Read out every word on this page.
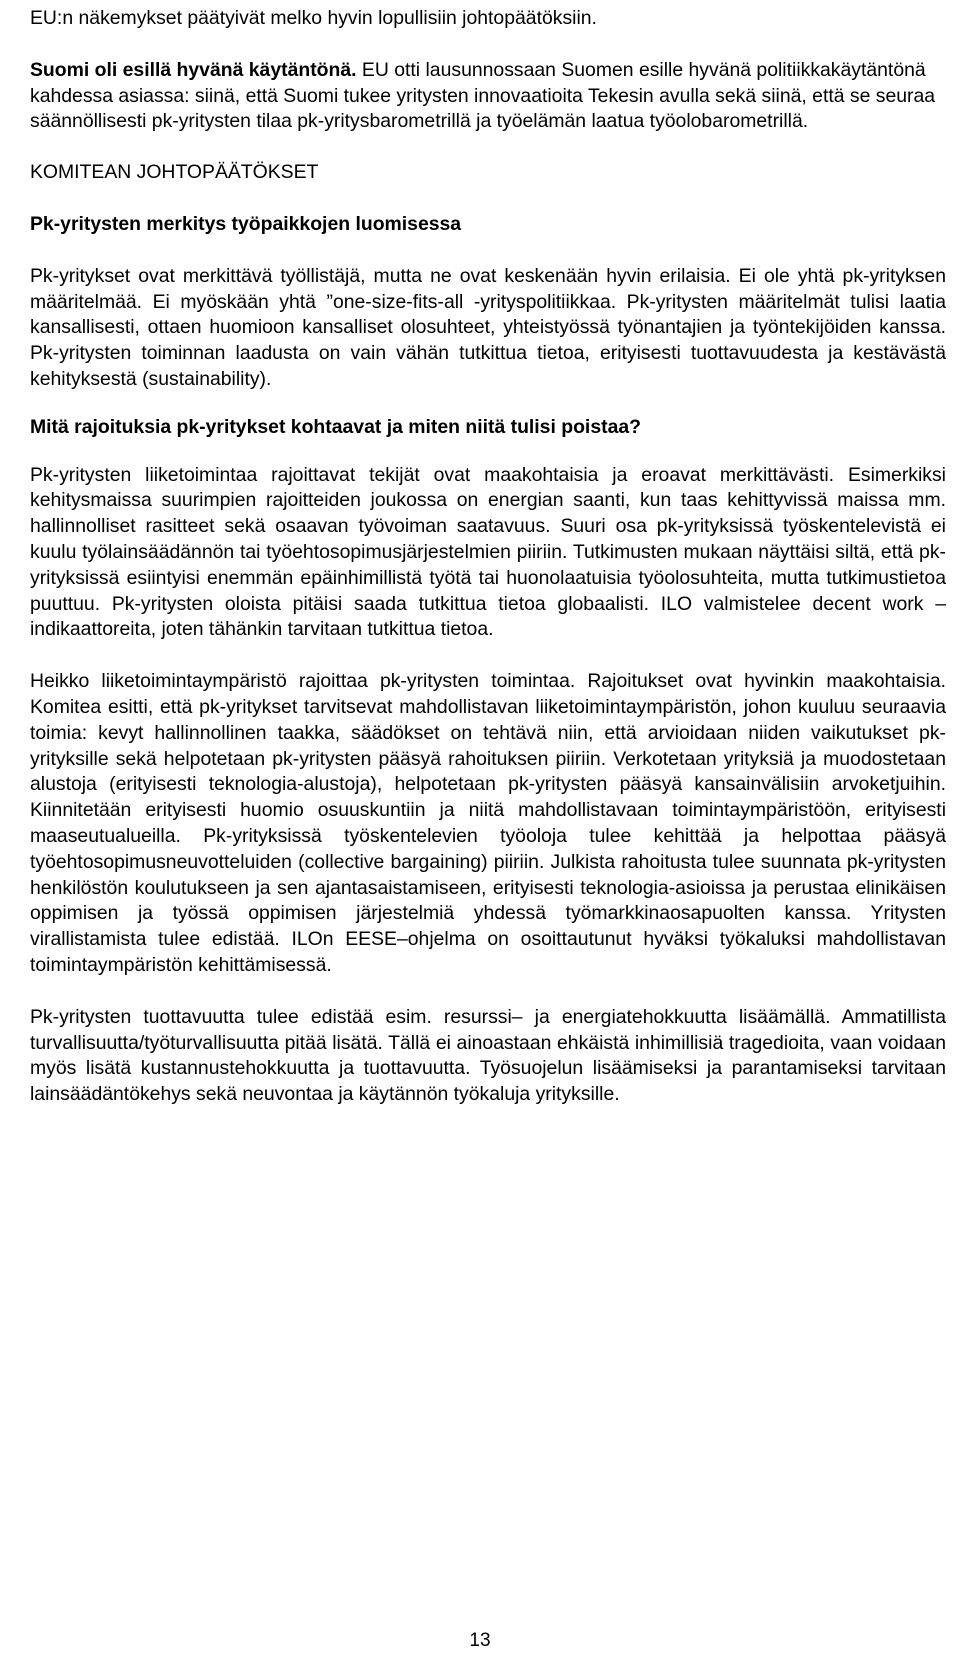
EU:n näkemykset päätyivät melko hyvin lopullisiin johtopäätöksiin.

Suomi oli esillä hyvänä käytäntönä. EU otti lausunnossaan Suomen esille hyvänä politiikkakäytäntönä kahdessa asiassa: siinä, että Suomi tukee yritysten innovaatioita Tekesin avulla sekä siinä, että se seuraa säännöllisesti pk-yritysten tilaa pk-yritysbarometrillä ja työelämän laatua työolobarometrillä.

KOMITEAN JOHTOPÄÄTÖKSET

Pk-yritysten merkitys työpaikkojen luomisessa

Pk-yritykset ovat merkittävä työllistäjä, mutta ne ovat keskenään hyvin erilaisia. Ei ole yhtä pk-yrityksen määritelmää. Ei myöskään yhtä ”one-size-fits-all -yrityspolitiikkaa. Pk-yritysten määritelmät tulisi laatia kansallisesti, ottaen huomioon kansalliset olosuhteet, yhteistyössä työnantajien ja työntekijöiden kanssa. Pk-yritysten toiminnan laadusta on vain vähän tutkittua tietoa, erityisesti tuottavuudesta ja kestävästä kehityksestä (sustainability).

Mitä rajoituksia pk-yritykset kohtaavat ja miten niitä tulisi poistaa?

Pk-yritysten liiketoimintaa rajoittavat tekijät ovat maakohtaisia ja eroavat merkittävästi. Esimerkiksi kehitysmaissa suurimpien rajoitteiden joukossa on energian saanti, kun taas kehittyvissä maissa mm. hallinnolliset rasitteet sekä osaavan työvoiman saatavuus. Suuri osa pk-yrityksissä työskentelevistä ei kuulu työlainsäädännön tai työehtosopimusjärjestelmien piiriin. Tutkimusten mukaan näyttäisi siltä, että pk-yrityksissä esiintyisi enemmän epäinhimillistä työtä tai huonolaatuisia työolosuhteita, mutta tutkimustietoa puuttuu. Pk-yritysten oloista pitäisi saada tutkittua tietoa globaalisti. ILO valmistelee decent work –indikaattoreita, joten tähänkin tarvitaan tutkittua tietoa.

Heikko liiketoimintaympäristö rajoittaa pk-yritysten toimintaa. Rajoitukset ovat hyvinkin maakohtaisia. Komitea esitti, että pk-yritykset tarvitsevat mahdollistavan liiketoimintaympäristön, johon kuuluu seuraavia toimia: kevyt hallinnollinen taakka, säädökset on tehtävä niin, että arvioidaan niiden vaikutukset pk-yrityksille sekä helpotetaan pk-yritysten pääsyä rahoituksen piiriin. Verkotetaan yrityksiä ja muodostetaan alustoja (erityisesti teknologia-alustoja), helpotetaan pk-yritysten pääsyä kansainvälisiin arvoketjuihin. Kiinnitetään erityisesti huomio osuuskuntiin ja niitä mahdollistavaan toimintaympäristöön, erityisesti maaseutualueilla. Pk-yrityksissä työskentelevien työoloja tulee kehittää ja helpottaa pääsyä työehtosopimusneuvotteluiden (collective bargaining) piiriin. Julkista rahoitusta tulee suunnata pk-yritysten henkilöstön koulutukseen ja sen ajantasaistamiseen, erityisesti teknologia-asioissa ja perustaa elinikäisen oppimisen ja työssä oppimisen järjestelmiä yhdessä työmarkkinaosapuolten kanssa. Yritysten virallistamista tulee edistää. ILOn EESE–ohjelma on osoittautunut hyväksi työkaluksi mahdollistavan toimintaympäristön kehittämisessä.

Pk-yritysten tuottavuutta tulee edistää esim. resurssi– ja energiatehokkuutta lisäämällä. Ammatillista turvallisuutta/työturvallisuutta pitää lisätä. Tällä ei ainoastaan ehkäistä inhimillisiä tragedioita, vaan voidaan myös lisätä kustannustehokkuutta ja tuottavuutta. Työsuojelun lisäämiseksi ja parantamiseksi tarvitaan lainsäädäntökehys sekä neuvontaa ja käytännön työkaluja yrityksille.

13
